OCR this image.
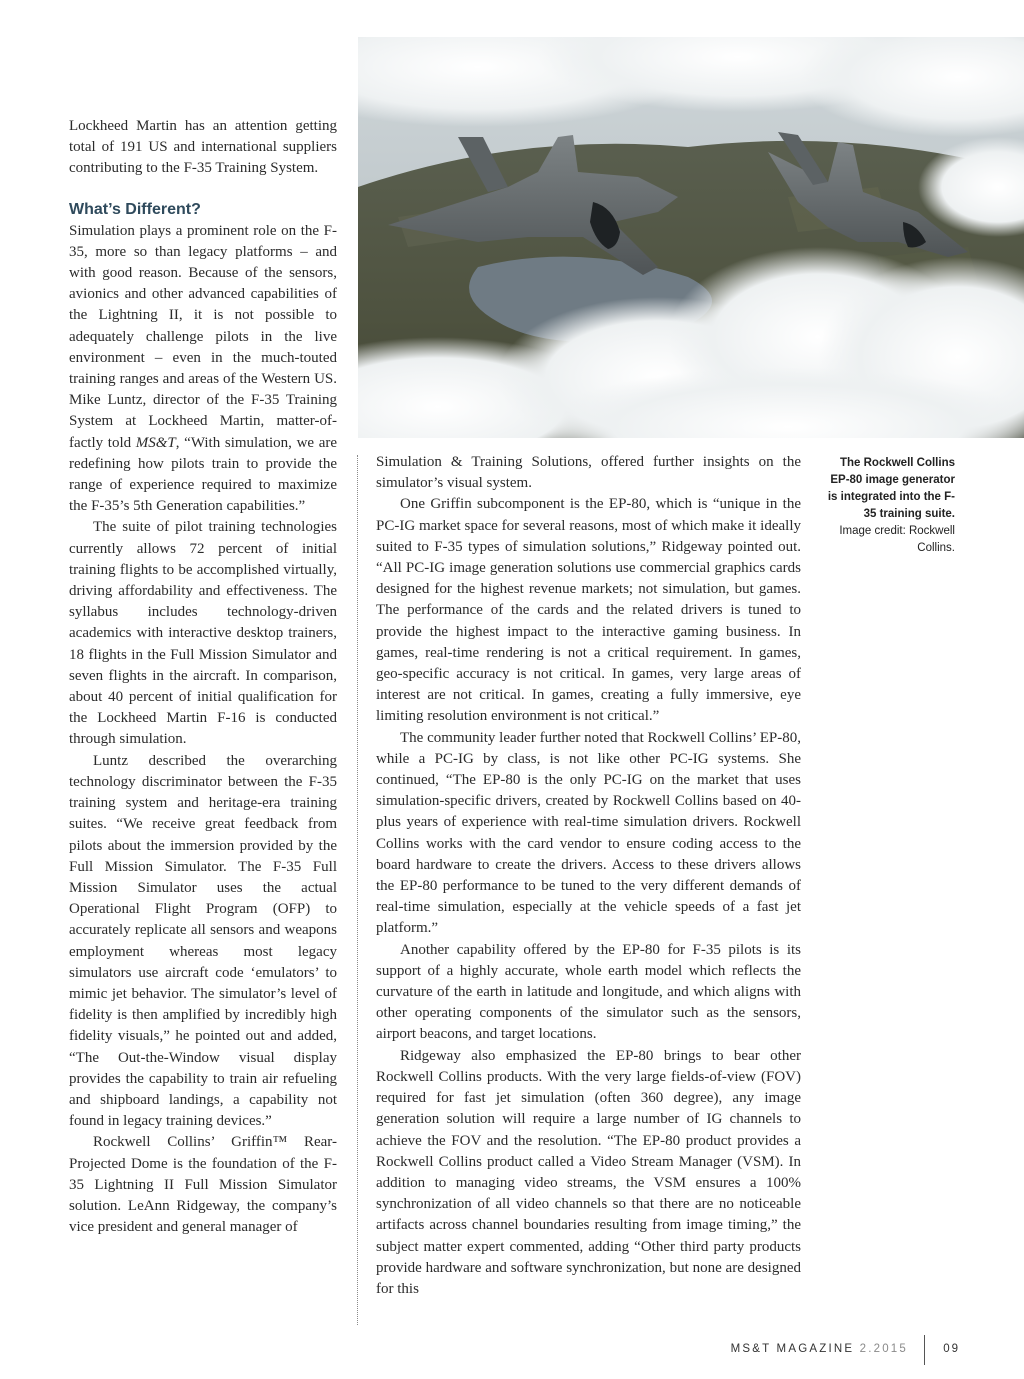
Lockheed Martin has an attention getting total of 191 US and international suppliers contributing to the F-35 Training System.

What’s Different?

Simulation plays a prominent role on the F-35, more so than legacy platforms – and with good reason. Because of the sensors, avionics and other advanced capabilities of the Lightning II, it is not possible to adequately challenge pilots in the live environment – even in the much-touted training ranges and areas of the Western US. Mike Luntz, director of the F-35 Training System at Lockheed Martin, matter-of-factly told MS&T, “With simulation, we are redefining how pilots train to provide the range of experience required to maximize the F-35’s 5th Generation capabilities.”

The suite of pilot training technologies currently allows 72 percent of initial training flights to be accomplished virtually, driving affordability and effectiveness. The syllabus includes technology-driven academics with interactive desktop trainers, 18 flights in the Full Mission Simulator and seven flights in the aircraft. In comparison, about 40 percent of initial qualification for the Lockheed Martin F-16 is conducted through simulation.

Luntz described the overarching technology discriminator between the F-35 training system and heritage-era training suites. “We receive great feedback from pilots about the immersion provided by the Full Mission Simulator. The F-35 Full Mission Simulator uses the actual Operational Flight Program (OFP) to accurately replicate all sensors and weapons employment whereas most legacy simulators use aircraft code ‘emulators’ to mimic jet behavior. The simulator’s level of fidelity is then amplified by incredibly high fidelity visuals,” he pointed out and added, “The Out-the-Window visual display provides the capability to train air refueling and shipboard landings, a capability not found in legacy training devices.”

Rockwell Collins’ Griffin™ Rear-Projected Dome is the foundation of the F-35 Lightning II Full Mission Simulator solution. LeAnn Ridgeway, the company’s vice president and general manager of

Simulation & Training Solutions, offered further insights on the simulator’s visual system.

One Griffin subcomponent is the EP-80, which is “unique in the PC-IG market space for several reasons, most of which make it ideally suited to F-35 types of simulation solutions,” Ridgeway pointed out. “All PC-IG image generation solutions use commercial graphics cards designed for the highest revenue markets; not simulation, but games. The performance of the cards and the related drivers is tuned to provide the highest impact to the interactive gaming business. In games, real-time rendering is not a critical requirement. In games, geo-specific accuracy is not critical. In games, very large areas of interest are not critical. In games, creating a fully immersive, eye limiting resolution environment is not critical.”

The community leader further noted that Rockwell Collins’ EP-80, while a PC-IG by class, is not like other PC-IG systems. She continued, “The EP-80 is the only PC-IG on the market that uses simulation-specific drivers, created by Rockwell Collins based on 40-plus years of experience with real-time simulation drivers. Rockwell Collins works with the card vendor to ensure coding access to the board hardware to create the drivers. Access to these drivers allows the EP-80 performance to be tuned to the very different demands of real-time simulation, especially at the vehicle speeds of a fast jet platform.”

Another capability offered by the EP-80 for F-35 pilots is its support of a highly accurate, whole earth model which reflects the curvature of the earth in latitude and longitude, and which aligns with other operating components of the simulator such as the sensors, airport beacons, and target locations.

Ridgeway also emphasized the EP-80 brings to bear other Rockwell Collins products. With the very large fields-of-view (FOV) required for fast jet simulation (often 360 degree), any image generation solution will require a large number of IG channels to achieve the FOV and the resolution. “The EP-80 product provides a Rockwell Collins product called a Video Stream Manager (VSM). In addition to managing video streams, the VSM ensures a 100% synchronization of all video channels so that there are no noticeable artifacts across channel boundaries resulting from image timing,” the subject matter expert commented, adding “Other third party products provide hardware and software synchronization, but none are designed for this

The Rockwell Collins EP-80 image generator is integrated into the F-35 training suite.
Image credit: Rockwell Collins.
MS&T MAGAZINE 2.2015	09
